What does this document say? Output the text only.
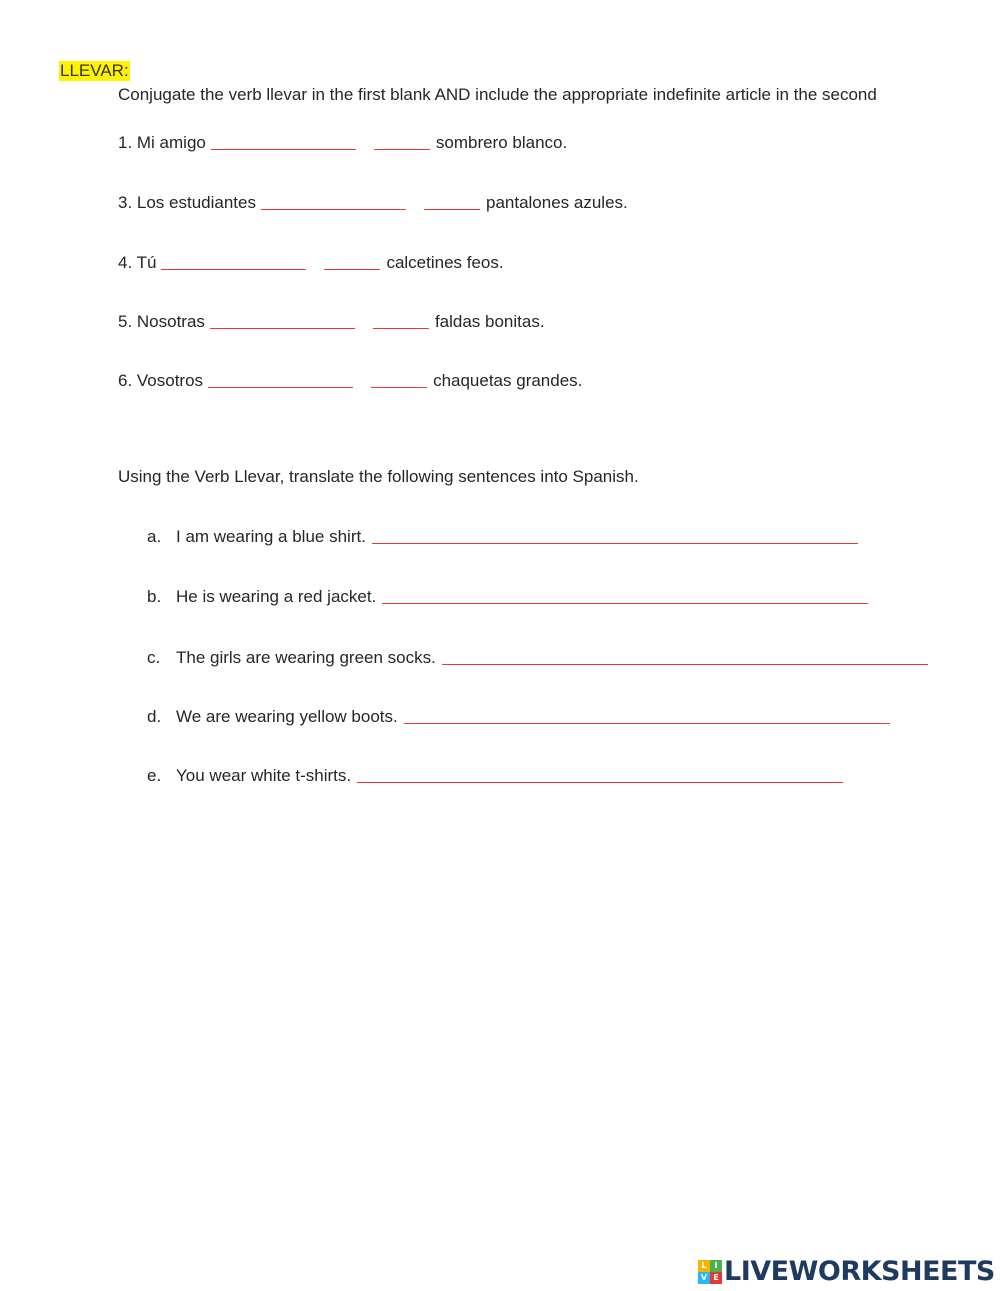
LLEVAR:
Conjugate the verb llevar in the first blank AND include the appropriate indefinite article in the second
1. Mi amigo	sombrero blanco.
3. Los estudiantes	pantalones azules.
4. Tú	calcetines feos.
5. Nosotras	faldas bonitas.
6. Vosotros	chaquetas grandes.
Using the Verb Llevar, translate the following sentences into Spanish.
a. I am wearing a blue shirt.
b. He is wearing a red jacket.
c. The girls are wearing green socks.
d. We are wearing yellow boots.
e. You wear white t-shirts.
L I
V E LIVEWORKSHEETS
